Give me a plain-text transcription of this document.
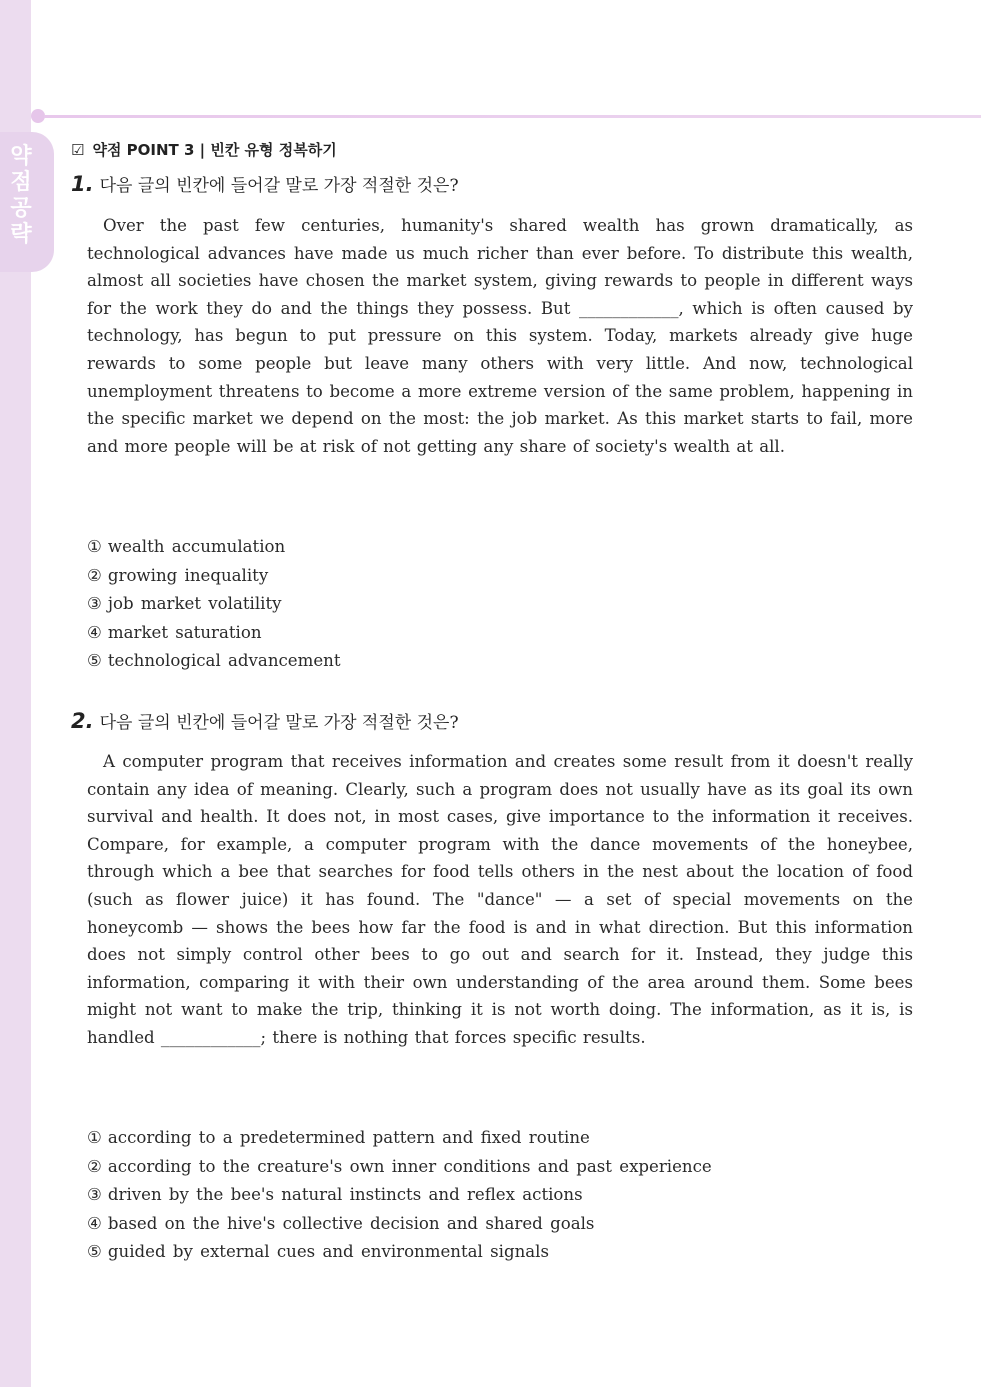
약점공략
☑ 약점 POINT 3 | 빈칸 유형 정복하기
1. 다음 글의 빈칸에 들어갈 말로 가장 적절한 것은?
Over the past few centuries, humanity's shared wealth has grown dramatically, as technological advances have made us much richer than ever before. To distribute this wealth, almost all societies have chosen the market system, giving rewards to people in different ways for the work they do and the things they possess. But ____________, which is often caused by technology, has begun to put pressure on this system. Today, markets already give huge rewards to some people but leave many others with very little. And now, technological unemployment threatens to become a more extreme version of the same problem, happening in the specific market we depend on the most: the job market. As this market starts to fail, more and more people will be at risk of not getting any share of society's wealth at all.
① wealth accumulation
② growing inequality
③ job market volatility
④ market saturation
⑤ technological advancement
2. 다음 글의 빈칸에 들어갈 말로 가장 적절한 것은?
A computer program that receives information and creates some result from it doesn't really contain any idea of meaning. Clearly, such a program does not usually have as its goal its own survival and health. It does not, in most cases, give importance to the information it receives. Compare, for example, a computer program with the dance movements of the honeybee, through which a bee that searches for food tells others in the nest about the location of food (such as flower juice) it has found. The "dance" — a set of special movements on the honeycomb — shows the bees how far the food is and in what direction. But this information does not simply control other bees to go out and search for it. Instead, they judge this information, comparing it with their own understanding of the area around them. Some bees might not want to make the trip, thinking it is not worth doing. The information, as it is, is handled ____________; there is nothing that forces specific results.
① according to a predetermined pattern and fixed routine
② according to the creature's own inner conditions and past experience
③ driven by the bee's natural instincts and reflex actions
④ based on the hive's collective decision and shared goals
⑤ guided by external cues and environmental signals
